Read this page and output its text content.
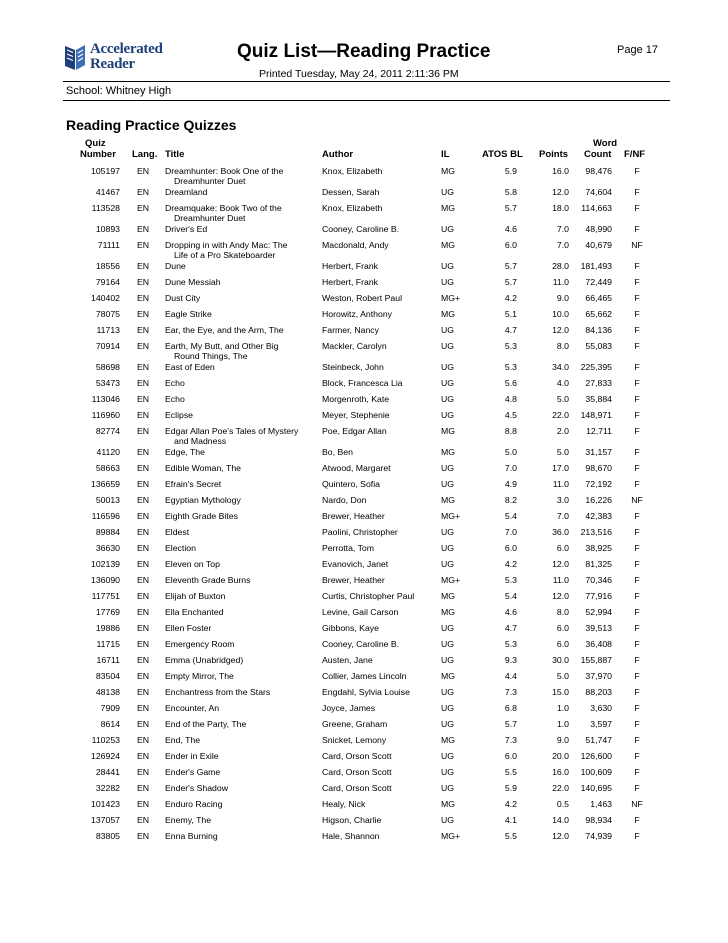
Accelerated
Reader
Quiz List—Reading Practice
Printed Tuesday, May 24, 2011 2:11:36 PM
Page 17
School: Whitney High
Reading Practice Quizzes
Quiz
Number Lang. Title	Author	IL	ATOS BL Points
Word
Count F/NF
105197 EN Dreamhunter: Book One of the
Dreamhunter Duet
Knox, Elizabeth	MG	5.9	16.0	98,476	F
41467 EN Dreamland	Dessen, Sarah	UG	5.8	12.0	74,604	F
113528 EN Dreamquake: Book Two of the
Dreamhunter Duet
Knox, Elizabeth	MG	5.7	18.0	114,663	F
10893 EN Driver's Ed	Cooney, Caroline B.	UG	4.6	7.0	48,990	F
71111 EN Dropping in with Andy Mac: The
Life of a Pro Skateboarder
Macdonald, Andy	MG	6.0	7.0	40,679	NF
18556 EN Dune	Herbert, Frank	UG	5.7	28.0	181,493	F
79164 EN Dune Messiah	Herbert, Frank	UG	5.7	11.0	72,449	F
140402 EN Dust City	Weston, Robert Paul	MG+	4.2	9.0	66,465	F
78075 EN Eagle Strike	Horowitz, Anthony	MG	5.1	10.0	65,662	F
11713 EN Ear, the Eye, and the Arm, The	Farmer, Nancy	UG	4.7	12.0	84,136	F
70914 EN Earth, My Butt, and Other Big
Round Things, The
Mackler, Carolyn	UG	5.3	8.0	55,083	F
58698 EN East of Eden	Steinbeck, John	UG	5.3	34.0	225,395	F
53473 EN Echo	Block, Francesca Lia	UG	5.6	4.0	27,833	F
113046 EN Echo	Morgenroth, Kate	UG	4.8	5.0	35,884	F
116960 EN Eclipse	Meyer, Stephenie	UG	4.5	22.0	148,971	F
82774 EN Edgar Allan Poe's Tales of Mystery
and Madness
Poe, Edgar Allan	MG	8.8	2.0	12,711	F
41120 EN Edge, The	Bo, Ben	MG	5.0	5.0	31,157	F
58663 EN Edible Woman, The	Atwood, Margaret	UG	7.0	17.0	98,670	F
136659 EN Efrain's Secret	Quintero, Sofia	UG	4.9	11.0	72,192	F
50013 EN Egyptian Mythology	Nardo, Don	MG	8.2	3.0	16,226	NF
116596 EN Eighth Grade Bites	Brewer, Heather	MG+	5.4	7.0	42,383	F
89884 EN Eldest	Paolini, Christopher	UG	7.0	36.0	213,516	F
36630 EN Election	Perrotta, Tom	UG	6.0	6.0	38,925	F
102139 EN Eleven on Top	Evanovich, Janet	UG	4.2	12.0	81,325	F
136090 EN Eleventh Grade Burns	Brewer, Heather	MG+	5.3	11.0	70,346	F
117751 EN Elijah of Buxton	Curtis, Christopher Paul	MG	5.4	12.0	77,916	F
17769 EN Ella Enchanted	Levine, Gail Carson	MG	4.6	8.0	52,994	F
19886 EN Ellen Foster	Gibbons, Kaye	UG	4.7	6.0	39,513	F
11715 EN Emergency Room	Cooney, Caroline B.	UG	5.3	6.0	36,408	F
16711 EN Emma (Unabridged)	Austen, Jane	UG	9.3	30.0	155,887	F
83504 EN Empty Mirror, The	Collier, James Lincoln	MG	4.4	5.0	37,970	F
48138 EN Enchantress from the Stars	Engdahl, Sylvia Louise	UG	7.3	15.0	88,203	F
7909 EN Encounter, An	Joyce, James	UG	6.8	1.0	3,630	F
8614 EN End of the Party, The	Greene, Graham	UG	5.7	1.0	3,597	F
110253 EN End, The	Snicket, Lemony	MG	7.3	9.0	51,747	F
126924 EN Ender in Exile	Card, Orson Scott	UG	6.0	20.0	126,600	F
28441 EN Ender's Game	Card, Orson Scott	UG	5.5	16.0	100,609	F
32282 EN Ender's Shadow	Card, Orson Scott	UG	5.9	22.0	140,695	F
101423 EN Enduro Racing	Healy, Nick	MG	4.2	0.5	1,463	NF
137057 EN Enemy, The	Higson, Charlie	UG	4.1	14.0	98,934	F
83805 EN Enna Burning	Hale, Shannon	MG+	5.5	12.0	74,939	F
